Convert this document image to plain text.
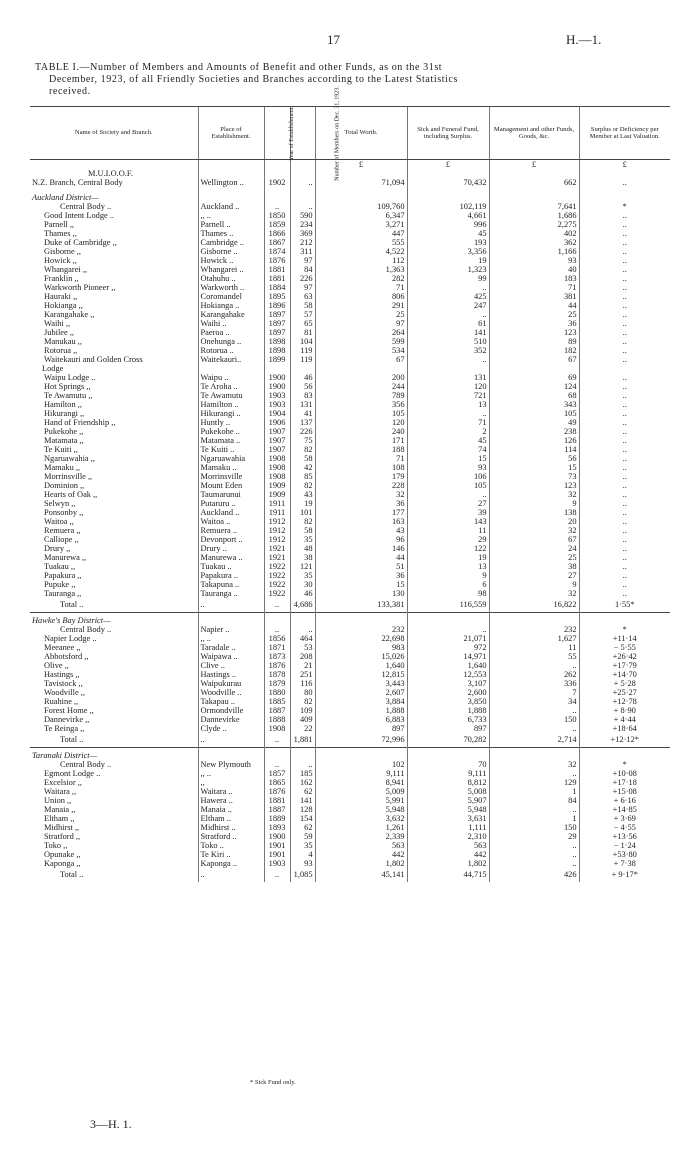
17	H.—1.
TABLE I.—Number of Members and Amounts of Benefit and other Funds, as on the 31st
December, 1923, of all Friendly Societies and Branches according to the Latest Statistics
received.
Name of Society and Branch.	Place of Establishment.	Year of Establishment.	Number of Members on Dec. 31, 1923.	Total Worth.	Sick and Funeral Fund, including Surplus.	Management and other Funds, Goods, &c.	Surplus or Deficiency per Member at Last Valuation.
				£	£	£	£
M.U.I.O.O.F.							
N.Z. Branch, Central Body	Wellington ..	1902	..	71,094	70,432	662	..

Auckland District—							
Central Body ..	Auckland ..	..	..	109,760	102,119	7,641	*
Good Intent Lodge ..	,, ..	1850	590	6,347	4,661	1,686	..
Parnell ,,	Parnell ..	1859	234	3,271	996	2,275	..
Thames ,,	Thames ..	1866	369	447	45	402	..
Duke of Cambridge ,,	Cambridge ..	1867	212	555	193	362	..
Gisborne ,,	Gisborne ..	1874	311	4,522	3,356	1,166	..
Howick ,,	Howick ..	1876	97	112	19	93	..
Whangarei ,,	Whangarei ..	1881	84	1,363	1,323	40	..
Franklin ,,	Otahuhu ..	1881	226	282	99	183	..
Warkworth Pioneer ,,	Warkworth ..	1884	97	71	..	71	..
Hauraki ,,	Coromandel	1895	63	806	425	381	..
Hokianga ,,	Hokianga ..	1896	58	291	247	44	..
Karangahake ,,	Karangahake	1897	57	25	..	25	..
Waihi ,,	Waihi ..	1897	65	97	61	36	..
Jubilee ,,	Paeroa ..	1897	81	264	141	123	..
Manukau ,,	Onehunga ..	1898	104	599	510	89	..
Rotorua ,,	Rotorua ..	1898	119	534	352	182	..
Waitekauri and Golden Cross	Waitekauri..	1899	119	67	..	67	..
Lodge							
Waipu Lodge ..	Waipu ..	1900	46	200	131	69	..
Hot Springs ,,	Te Aroha ..	1900	56	244	120	124	..
Te Awamutu ,,	Te Awamutu	1903	83	789	721	68	..
Hamilton ,,	Hamilton ..	1903	131	356	13	343	..
Hikurangi ,,	Hikurangi ..	1904	41	105	..	105	..
Hand of Friendship ,,	Huntly ..	1906	137	120	71	49	..
Pukekohe ,,	Pukekohe ..	1907	226	240	2	238	..
Matamata ,,	Matamata ..	1907	75	171	45	126	..
Te Kuiti ,,	Te Kuiti ..	1907	82	188	74	114	..
Ngaruawahia ,,	Ngaruawahia	1908	58	71	15	56	..
Mamaku ,,	Mamaku ..	1908	42	108	93	15	..
Morrinsville ,,	Morrinsville	1908	85	179	106	73	..
Dominion ,,	Mount Eden	1909	82	228	105	123	..
Hearts of Oak ,,	Taumarunui	1909	43	32	..	32	..
Selwyn ,,	Putaruru ..	1911	19	36	27	9	..
Ponsonby ,,	Auckland ..	1911	101	177	39	138	..
Waitoa ,,	Waitoa ..	1912	82	163	143	20	..
Remuera ,,	Remuera ..	1912	58	43	11	32	..
Calliope ,,	Devonport ..	1912	35	96	29	67	..
Drury ,,	Drury ..	1921	48	146	122	24	..
Manurewa ,,	Manurewa ..	1921	38	44	19	25	..
Tuakau ,,	Tuakau ..	1922	121	51	13	38	..
Papakura ,,	Papakura ..	1922	35	36	9	27	..
Pupuke ,,	Takapuna ..	1922	30	15	6	9	..
Tauranga ,,	Tauranga ..	1922	46	130	98	32	..
Total ..	..	..	4,686	133,381	116,559	16,822	1·55*

Hawke's Bay District—							
Central Body ..	Napier ..	..	..	232	..	232	*
Napier Lodge ..	,, ..	1856	464	22,698	21,071	1,627	+11·14
Meeanee ,,	Taradale ..	1871	53	983	972	11	− 5·55
Abbotsford ,,	Waipawa ..	1873	208	15,026	14,971	55	+26·42
Olive ,,	Clive ..	1876	21	1,640	1,640	..	+17·79
Hastings ,,	Hastings ..	1878	251	12,815	12,553	262	+14·70
Tavistock ,,	Waipukurau	1879	116	3,443	3,107	336	+ 5·28
Woodville ,,	Woodville ..	1880	80	2,607	2,600	7	+25·27
Ruahine ,,	Takapau ..	1885	82	3,884	3,850	34	+12·78
Forest Home ,,	Ormondville	1887	109	1,888	1,888	..	+ 8·90
Dannevirke ,,	Dannevirke	1888	409	6,883	6,733	150	+ 4·44
Te Reinga ,,	Clyde ..	1908	22	897	897	..	+18·64
Total ..	..	..	1,881	72,996	70,282	2,714	+12·12*

Taranaki District—							
Central Body ..	New Plymouth	..	..	102	70	32	*
Egmont Lodge ..	,, ..	1857	185	9,111	9,111	..	+10·08
Excelsior ,,	,,	1865	162	8,941	8,812	129	+17·18
Waitara ,,	Waitara ..	1876	62	5,009	5,008	1	+15·08
Union ,,	Hawera ..	1881	141	5,991	5,907	84	+ 6·16
Manaia ,,	Manaia ..	1887	128	5,948	5,948	..	+14·85
Eltham ,,	Eltham ..	1889	154	3,632	3,631	1	+ 3·69
Midhirst ,,	Midhirst ..	1893	62	1,261	1,111	150	− 4·55
Stratford ,,	Stratford ..	1900	59	2,339	2,310	29	+13·56
Toko ,,	Toko ..	1901	35	563	563	..	− 1·24
Opunake ,,	Te Kiri ..	1901	4	442	442	..	+53·80
Kaponga ,,	Kaponga ..	1903	93	1,802	1,802	..	+ 7·38
Total ..	..	..	1,085	45,141	44,715	426	+ 9·17*
* Sick Fund only.
3—H. 1.
